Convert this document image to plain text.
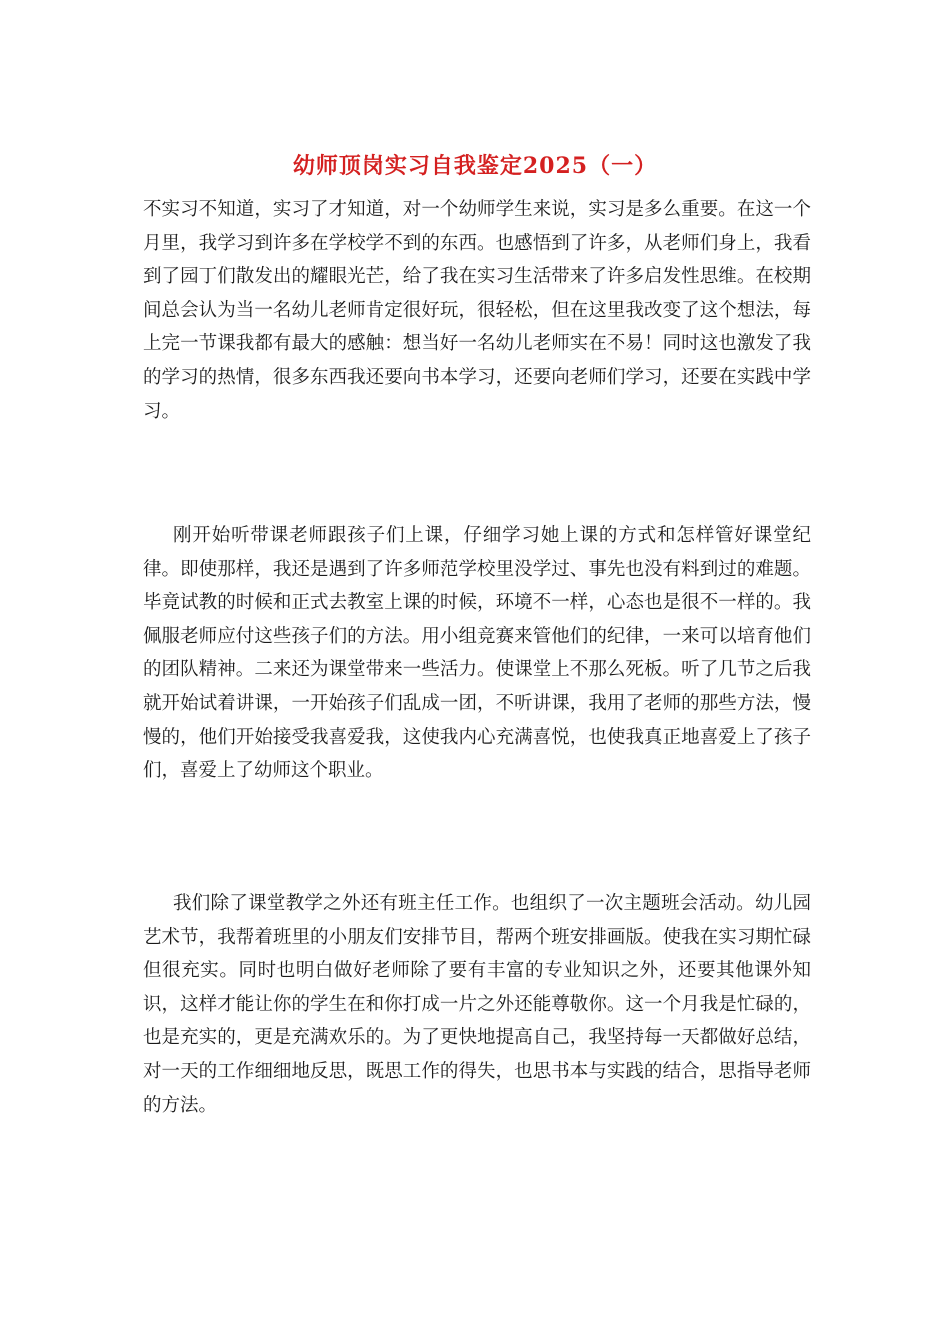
幼师顶岗实习自我鉴定2025（一）

不实习不知道，实习了才知道，对一个幼师学生来说，实习是多么重要。在这一个月里，我学习到许多在学校学不到的东西。也感悟到了许多，从老师们身上，我看到了园丁们散发出的耀眼光芒，给了我在实习生活带来了许多启发性思维。在校期间总会认为当一名幼儿老师肯定很好玩，很轻松，但在这里我改变了这个想法，每上完一节课我都有最大的感触：想当好一名幼儿老师实在不易！同时这也激发了我的学习的热情，很多东西我还要向书本学习，还要向老师们学习，还要在实践中学习。

刚开始听带课老师跟孩子们上课，仔细学习她上课的方式和怎样管好课堂纪律。即使那样，我还是遇到了许多师范学校里没学过、事先也没有料到过的难题。毕竟试教的时候和正式去教室上课的时候，环境不一样，心态也是很不一样的。我佩服老师应付这些孩子们的方法。用小组竞赛来管他们的纪律，一来可以培育他们的团队精神。二来还为课堂带来一些活力。使课堂上不那么死板。听了几节之后我就开始试着讲课，一开始孩子们乱成一团，不听讲课，我用了老师的那些方法，慢慢的，他们开始接受我喜爱我，这使我内心充满喜悦，也使我真正地喜爱上了孩子们，喜爱上了幼师这个职业。

我们除了课堂教学之外还有班主任工作。也组织了一次主题班会活动。幼儿园艺术节，我帮着班里的小朋友们安排节目，帮两个班安排画版。使我在实习期忙碌但很充实。同时也明白做好老师除了要有丰富的专业知识之外，还要其他课外知识，这样才能让你的学生在和你打成一片之外还能尊敬你。这一个月我是忙碌的，也是充实的，更是充满欢乐的。为了更快地提高自己，我坚持每一天都做好总结，对一天的工作细细地反思，既思工作的得失，也思书本与实践的结合，思指导老师的方法。
